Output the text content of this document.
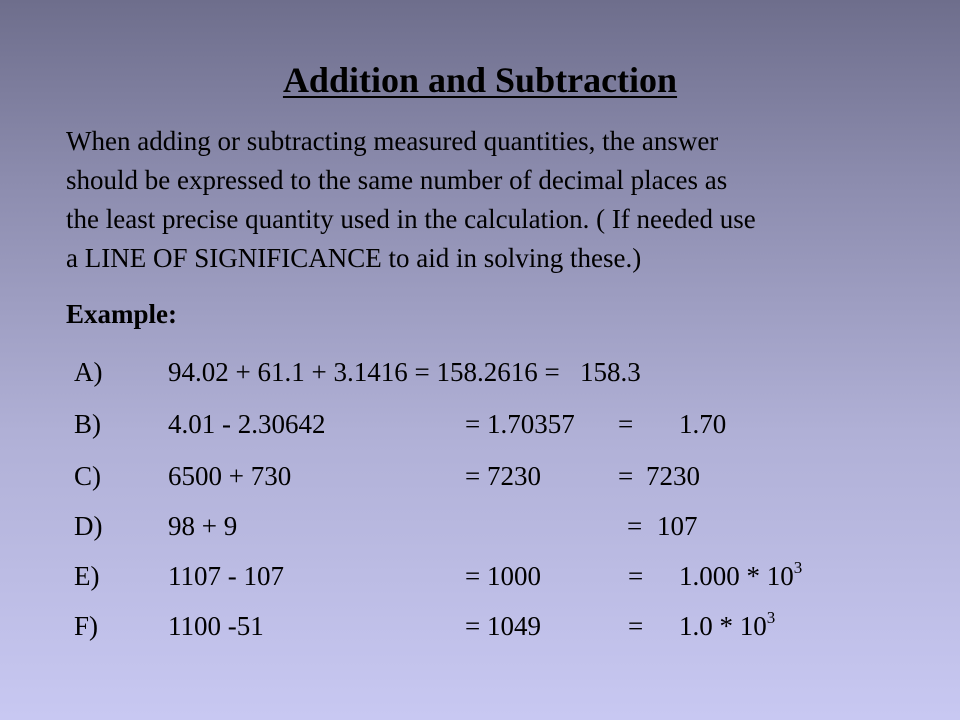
Addition and Subtraction
When adding or subtracting measured quantities, the answer
should be expressed to the same number of decimal places as
the least precise quantity used in the calculation. ( If needed use
a LINE OF SIGNIFICANCE to aid in solving these.)
Example:
A) 94.02 + 61.1 + 3.1416 = 158.2616 =   158.3
B) 4.01 - 2.30642	= 1.70357 = 1.70
C) 6500 + 730	= 7230	= 7230
D) 98 + 9	= 107
E)	1107 - 107	= 1000	= $1.000 * 10^3$
F)	1100 -51	= 1049	= $1.0 * 10^3$
